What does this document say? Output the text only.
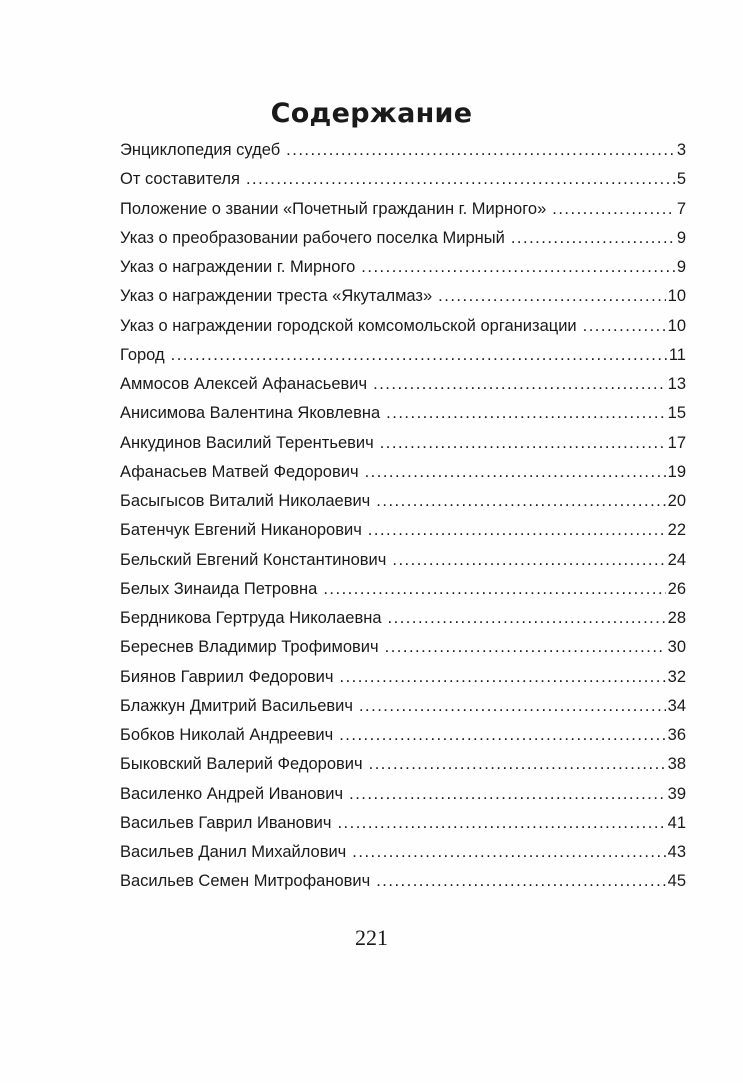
Содержание
Энциклопедия судеб .....	3
От составителя .....	5
Положение о звании «Почетный гражданин г. Мирного» .....	7
Указ о преобразовании рабочего поселка Мирный .....	9
Указ о награждении г. Мирного .....	9
Указ о награждении треста «Якуталмаз» .....	10
Указ о награждении городской комсомольской организации .....	10
Город .....	11
Аммосов Алексей Афанасьевич .....	13
Анисимова Валентина Яковлевна .....	15
Анкудинов Василий Терентьевич .....	17
Афанасьев Матвей Федорович .....	19
Басыгысов Виталий Николаевич .....	20
Батенчук Евгений Никанорович .....	22
Бельский Евгений Константинович .....	24
Белых Зинаида Петровна .....	26
Бердникова Гертруда Николаевна .....	28
Береснев Владимир Трофимович .....	30
Биянов Гавриил Федорович .....	32
Блажкун Дмитрий Васильевич .....	34
Бобков Николай Андреевич .....	36
Быковский Валерий Федорович .....	38
Василенко Андрей Иванович .....	39
Васильев Гаврил Иванович .....	41
Васильев Данил Михайлович .....	43
Васильев Семен Митрофанович .....	45
221
